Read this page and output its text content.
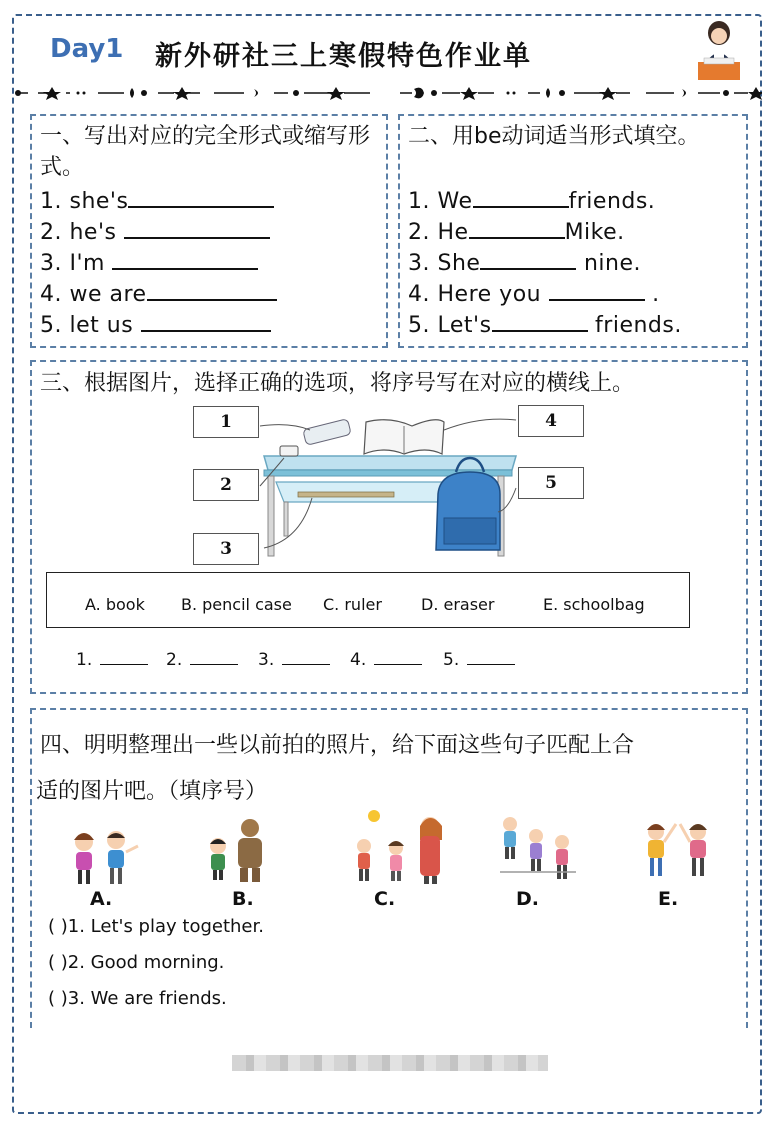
Day1 新外研社三上寒假特色作业单
一、写出对应的完全形式或缩写形式。
1. she's
2. he's
3. I'm
4. we are
5. let us
二、用be动词适当形式填空。
1. We	friends.
2. He	Mike.
3. She	nine.
4. Here you	.
5. Let's	friends.
三、根据图片，选择正确的选项，将序号写在对应的横线上。
1
2
3
4
5
A. book B. pencil case C. ruler D. eraser	E. schoolbag
1.	2.	3.	4.	5.
四、明明整理出一些以前拍的照片，给下面这些句子匹配上合
适的图片吧。（填序号）
A.	B.	C.	D.	E.
( )1. Let's play together.
( )2. Good morning.
( )3. We are friends.
